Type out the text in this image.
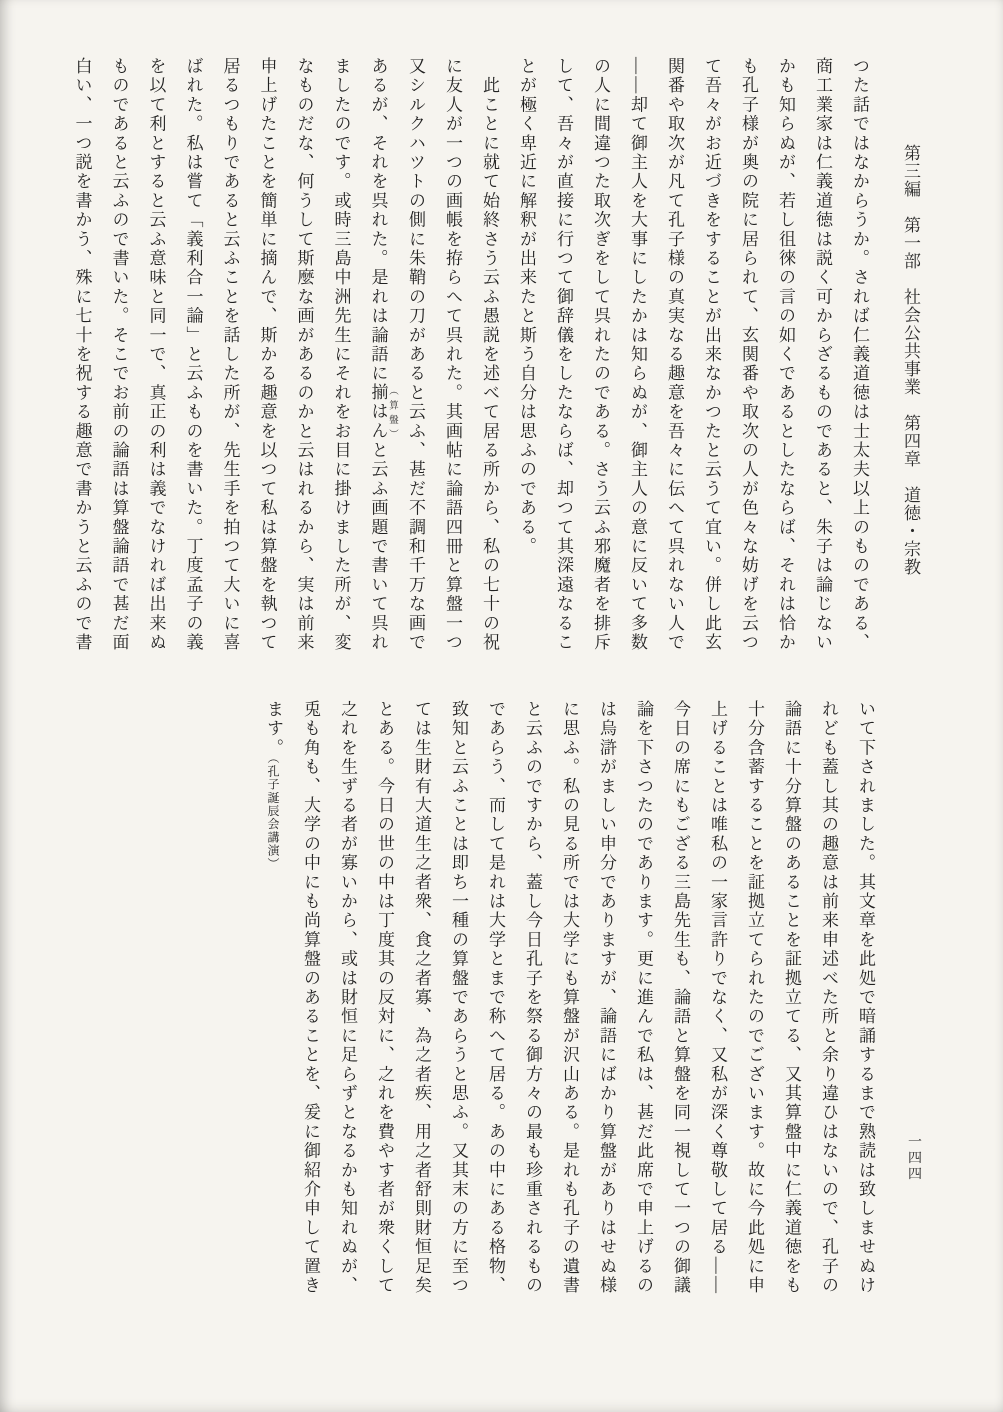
第三編　第一部　社会公共事業　第四章　道徳・宗教
一四四
つた話ではなからうか。されば仁義道徳は士太夫以上のものである、
商工業家は仁義道徳は説く可からざるものであると、朱子は論じない
かも知らぬが、若し徂徠の言の如くであるとしたならば、それは恰か
も孔子様が奥の院に居られて、玄関番や取次の人が色々な妨げを云つ
て吾々がお近づきをすることが出来なかつたと云うて宜い。併し此玄
関番や取次が凡て孔子様の真実なる趣意を吾々に伝へて呉れない人で
——却て御主人を大事にしたかは知らぬが、御主人の意に反いて多数
の人に間違つた取次ぎをして呉れたのである。さう云ふ邪魔者を排斥
して、吾々が直接に行つて御辞儀をしたならば、却つて其深遠なるこ
とが極く卑近に解釈が出来たと斯う自分は思ふのである。
　此ことに就て始終さう云ふ愚説を述べて居る所から、私の七十の祝
に友人が一つの画帳を拵らへて呉れた。其画帖に論語四冊と算盤一つ
又シルクハツトの側に朱鞘の刀があると云ふ、甚だ不調和千万な画で
あるが、それを呉れた。是れは論語に揃はん （算盤）と云ふ画題で書いて呉れ
ましたのです。或時三島中洲先生にそれをお目に掛けました所が、変
なものだな、何うして斯麼な画があるのかと云はれるから、実は前来
申上げたことを簡単に摘んで、斯かる趣意を以つて私は算盤を執つて
居るつもりであると云ふことを話した所が、先生手を拍つて大いに喜
ばれた。私は嘗て「義利合一論」と云ふものを書いた。丁度孟子の義
を以て利とすると云ふ意味と同一で、真正の利は義でなければ出来ぬ
ものであると云ふので書いた。そこでお前の論語は算盤論語で甚だ面
白い、一つ説を書かう、殊に七十を祝する趣意で書かうと云ふので書
いて下されました。其文章を此処で暗誦するまで熟読は致しませぬけ
れども蓋し其の趣意は前来申述べた所と余り違ひはないので、孔子の
論語に十分算盤のあることを証拠立てる、又其算盤中に仁義道徳をも
十分含蓄することを証拠立てられたのでございます。故に今此処に申
上げることは唯私の一家言許りでなく、又私が深く尊敬して居る——
今日の席にもござる三島先生も、論語と算盤を同一視して一つの御議
論を下さつたのであります。更に進んで私は、甚だ此席で申上げるの
は烏滸がましい申分でありますが、論語にばかり算盤がありはせぬ様
に思ふ。私の見る所では大学にも算盤が沢山ある。是れも孔子の遺書
と云ふのですから、蓋し今日孔子を祭る御方々の最も珍重されるもの
であらう、而して是れは大学とまで称へて居る。あの中にある格物、
致知と云ふことは即ち一種の算盤であらうと思ふ。又其末の方に至つ
ては生財有大道生之者衆、食之者寡、為之者疾、用之者舒則財恒足矣
とある。今日の世の中は丁度其の反対に、之れを費やす者が衆くして
之れを生ずる者が寡いから、或は財恒に足らずとなるかも知れぬが、
兎も角も、大学の中にも尚算盤のあることを、爰に御紹介申して置き
ます。（孔子誕辰会講演）
